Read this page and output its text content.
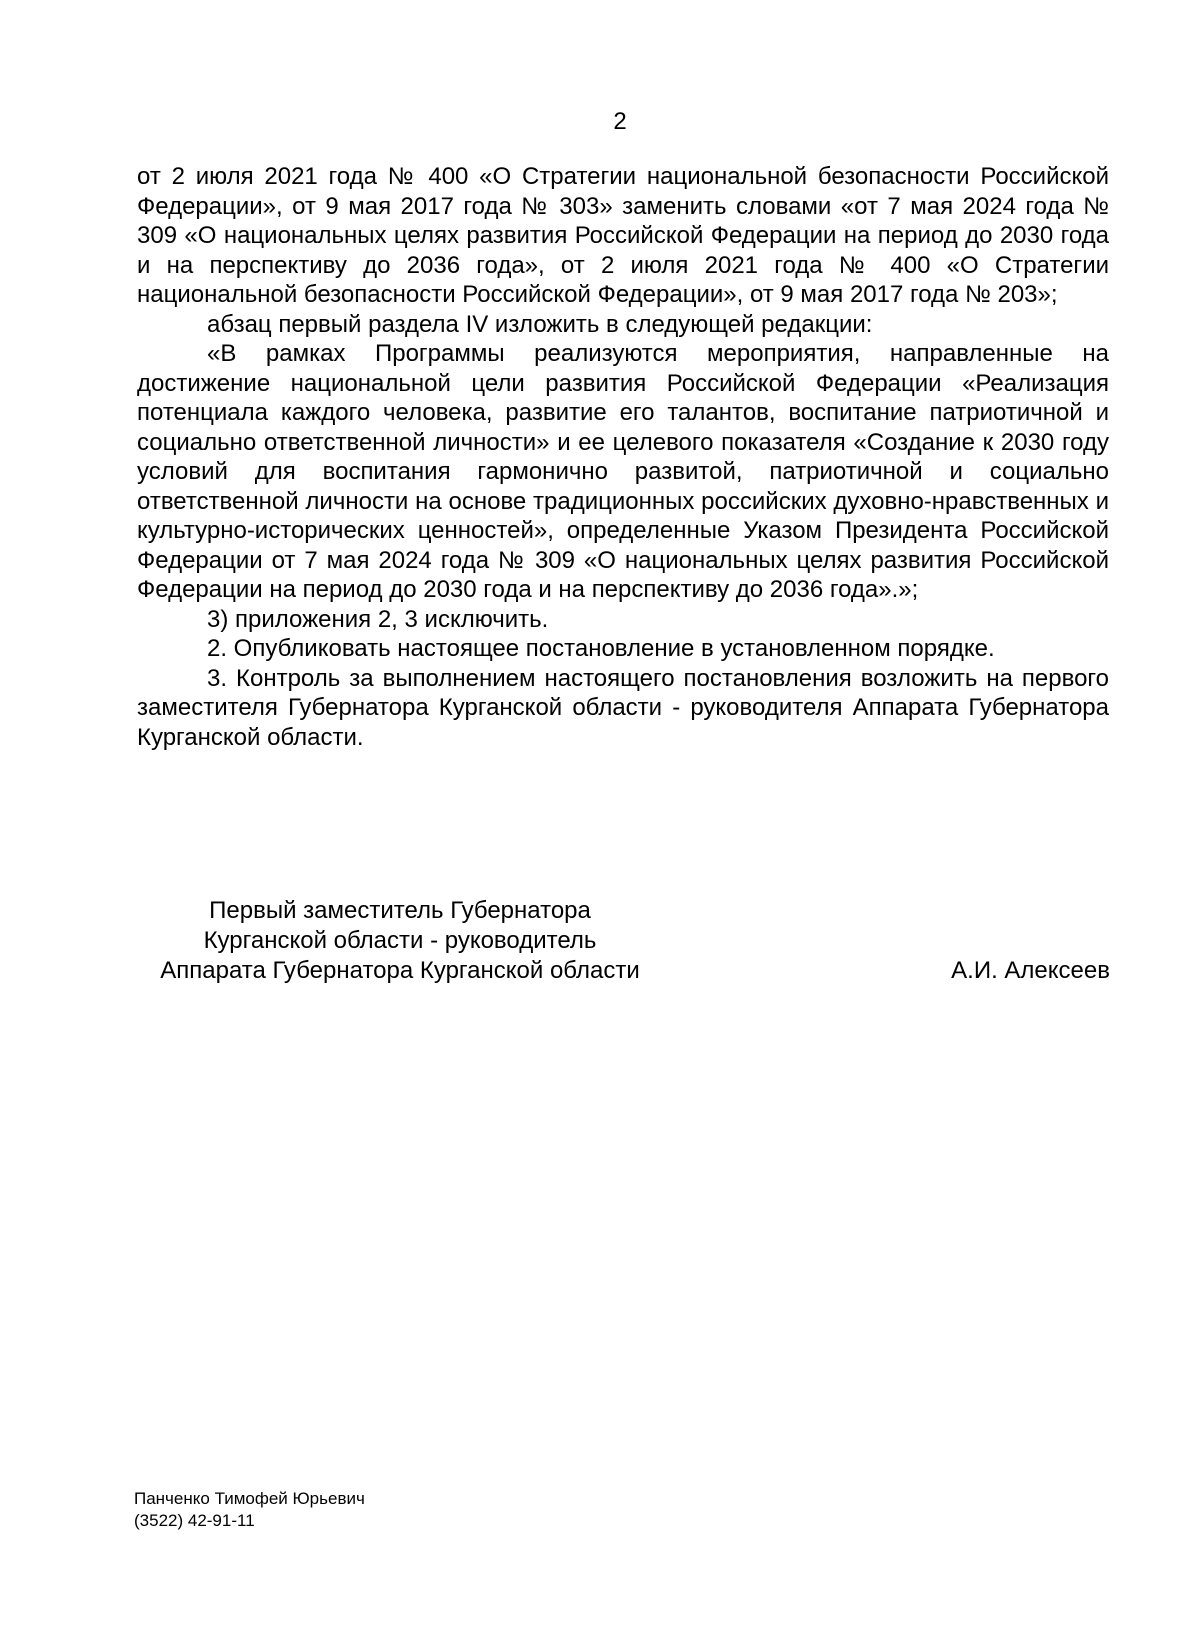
2

от 2 июля 2021 года № 400 «О Стратегии национальной безопасности Российской Федерации», от 9 мая 2017 года № 303» заменить словами «от 7 мая 2024 года № 309 «О национальных целях развития Российской Федерации на период до 2030 года и на перспективу до 2036 года», от 2 июля 2021 года № 400 «О Стратегии национальной безопасности Российской Федерации», от 9 мая 2017 года № 203»;

абзац первый раздела IV изложить в следующей редакции:

«В рамках Программы реализуются мероприятия, направленные на достижение национальной цели развития Российской Федерации «Реализация потенциала каждого человека, развитие его талантов, воспитание патриотичной и социально ответственной личности» и ее целевого показателя «Создание к 2030 году условий для воспитания гармонично развитой, патриотичной и социально ответственной личности на основе традиционных российских духовно-нравственных и культурно-исторических ценностей», определенные Указом Президента Российской Федерации от 7 мая 2024 года № 309 «О национальных целях развития Российской Федерации на период до 2030 года и на перспективу до 2036 года».»;

3) приложения 2, 3 исключить.

2. Опубликовать настоящее постановление в установленном порядке.

3. Контроль за выполнением настоящего постановления возложить на первого заместителя Губернатора Курганской области - руководителя Аппарата Губернатора Курганской области.

Первый заместитель Губернатора
Курганской области - руководитель
Аппарата Губернатора Курганской области	А.И. Алексеев
Панченко Тимофей Юрьевич
(3522) 42-91-11
